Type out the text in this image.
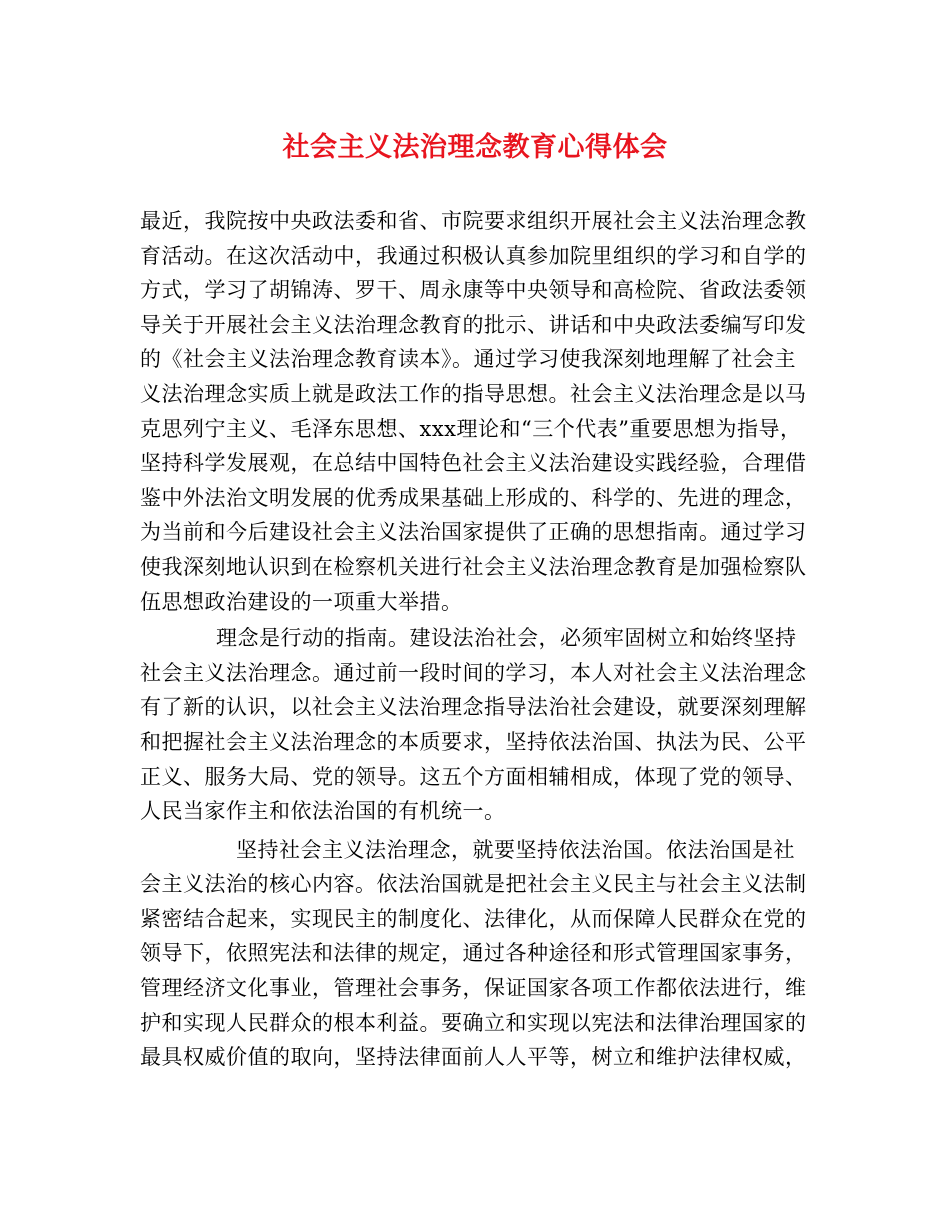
社会主义法治理念教育心得体会
最近，我院按中央政法委和省、市院要求组织开展社会主义法治理念教
育活动。在这次活动中，我通过积极认真参加院里组织的学习和自学的
方式，学习了胡锦涛、罗干、周永康等中央领导和高检院、省政法委领
导关于开展社会主义法治理念教育的批示、讲话和中央政法委编写印发
的《社会主义法治理念教育读本》。通过学习使我深刻地理解了社会主
义法治理念实质上就是政法工作的指导思想。社会主义法治理念是以马
克思列宁主义、毛泽东思想、xxx理论和“三个代表”重要思想为指导，
坚持科学发展观，在总结中国特色社会主义法治建设实践经验，合理借
鉴中外法治文明发展的优秀成果基础上形成的、科学的、先进的理念，
为当前和今后建设社会主义法治国家提供了正确的思想指南。通过学习
使我深刻地认识到在检察机关进行社会主义法治理念教育是加强检察队
伍思想政治建设的一项重大举措。
理念是行动的指南。建设法治社会，必须牢固树立和始终坚持
社会主义法治理念。通过前一段时间的学习，本人对社会主义法治理念
有了新的认识，以社会主义法治理念指导法治社会建设，就要深刻理解
和把握社会主义法治理念的本质要求，坚持依法治国、执法为民、公平
正义、服务大局、党的领导。这五个方面相辅相成，体现了党的领导、
人民当家作主和依法治国的有机统一。
坚持社会主义法治理念，就要坚持依法治国。依法治国是社
会主义法治的核心内容。依法治国就是把社会主义民主与社会主义法制
紧密结合起来，实现民主的制度化、法律化，从而保障人民群众在党的
领导下，依照宪法和法律的规定，通过各种途径和形式管理国家事务，
管理经济文化事业，管理社会事务，保证国家各项工作都依法进行，维
护和实现人民群众的根本利益。要确立和实现以宪法和法律治理国家的
最具权威价值的取向，坚持法律面前人人平等，树立和维护法律权威，
